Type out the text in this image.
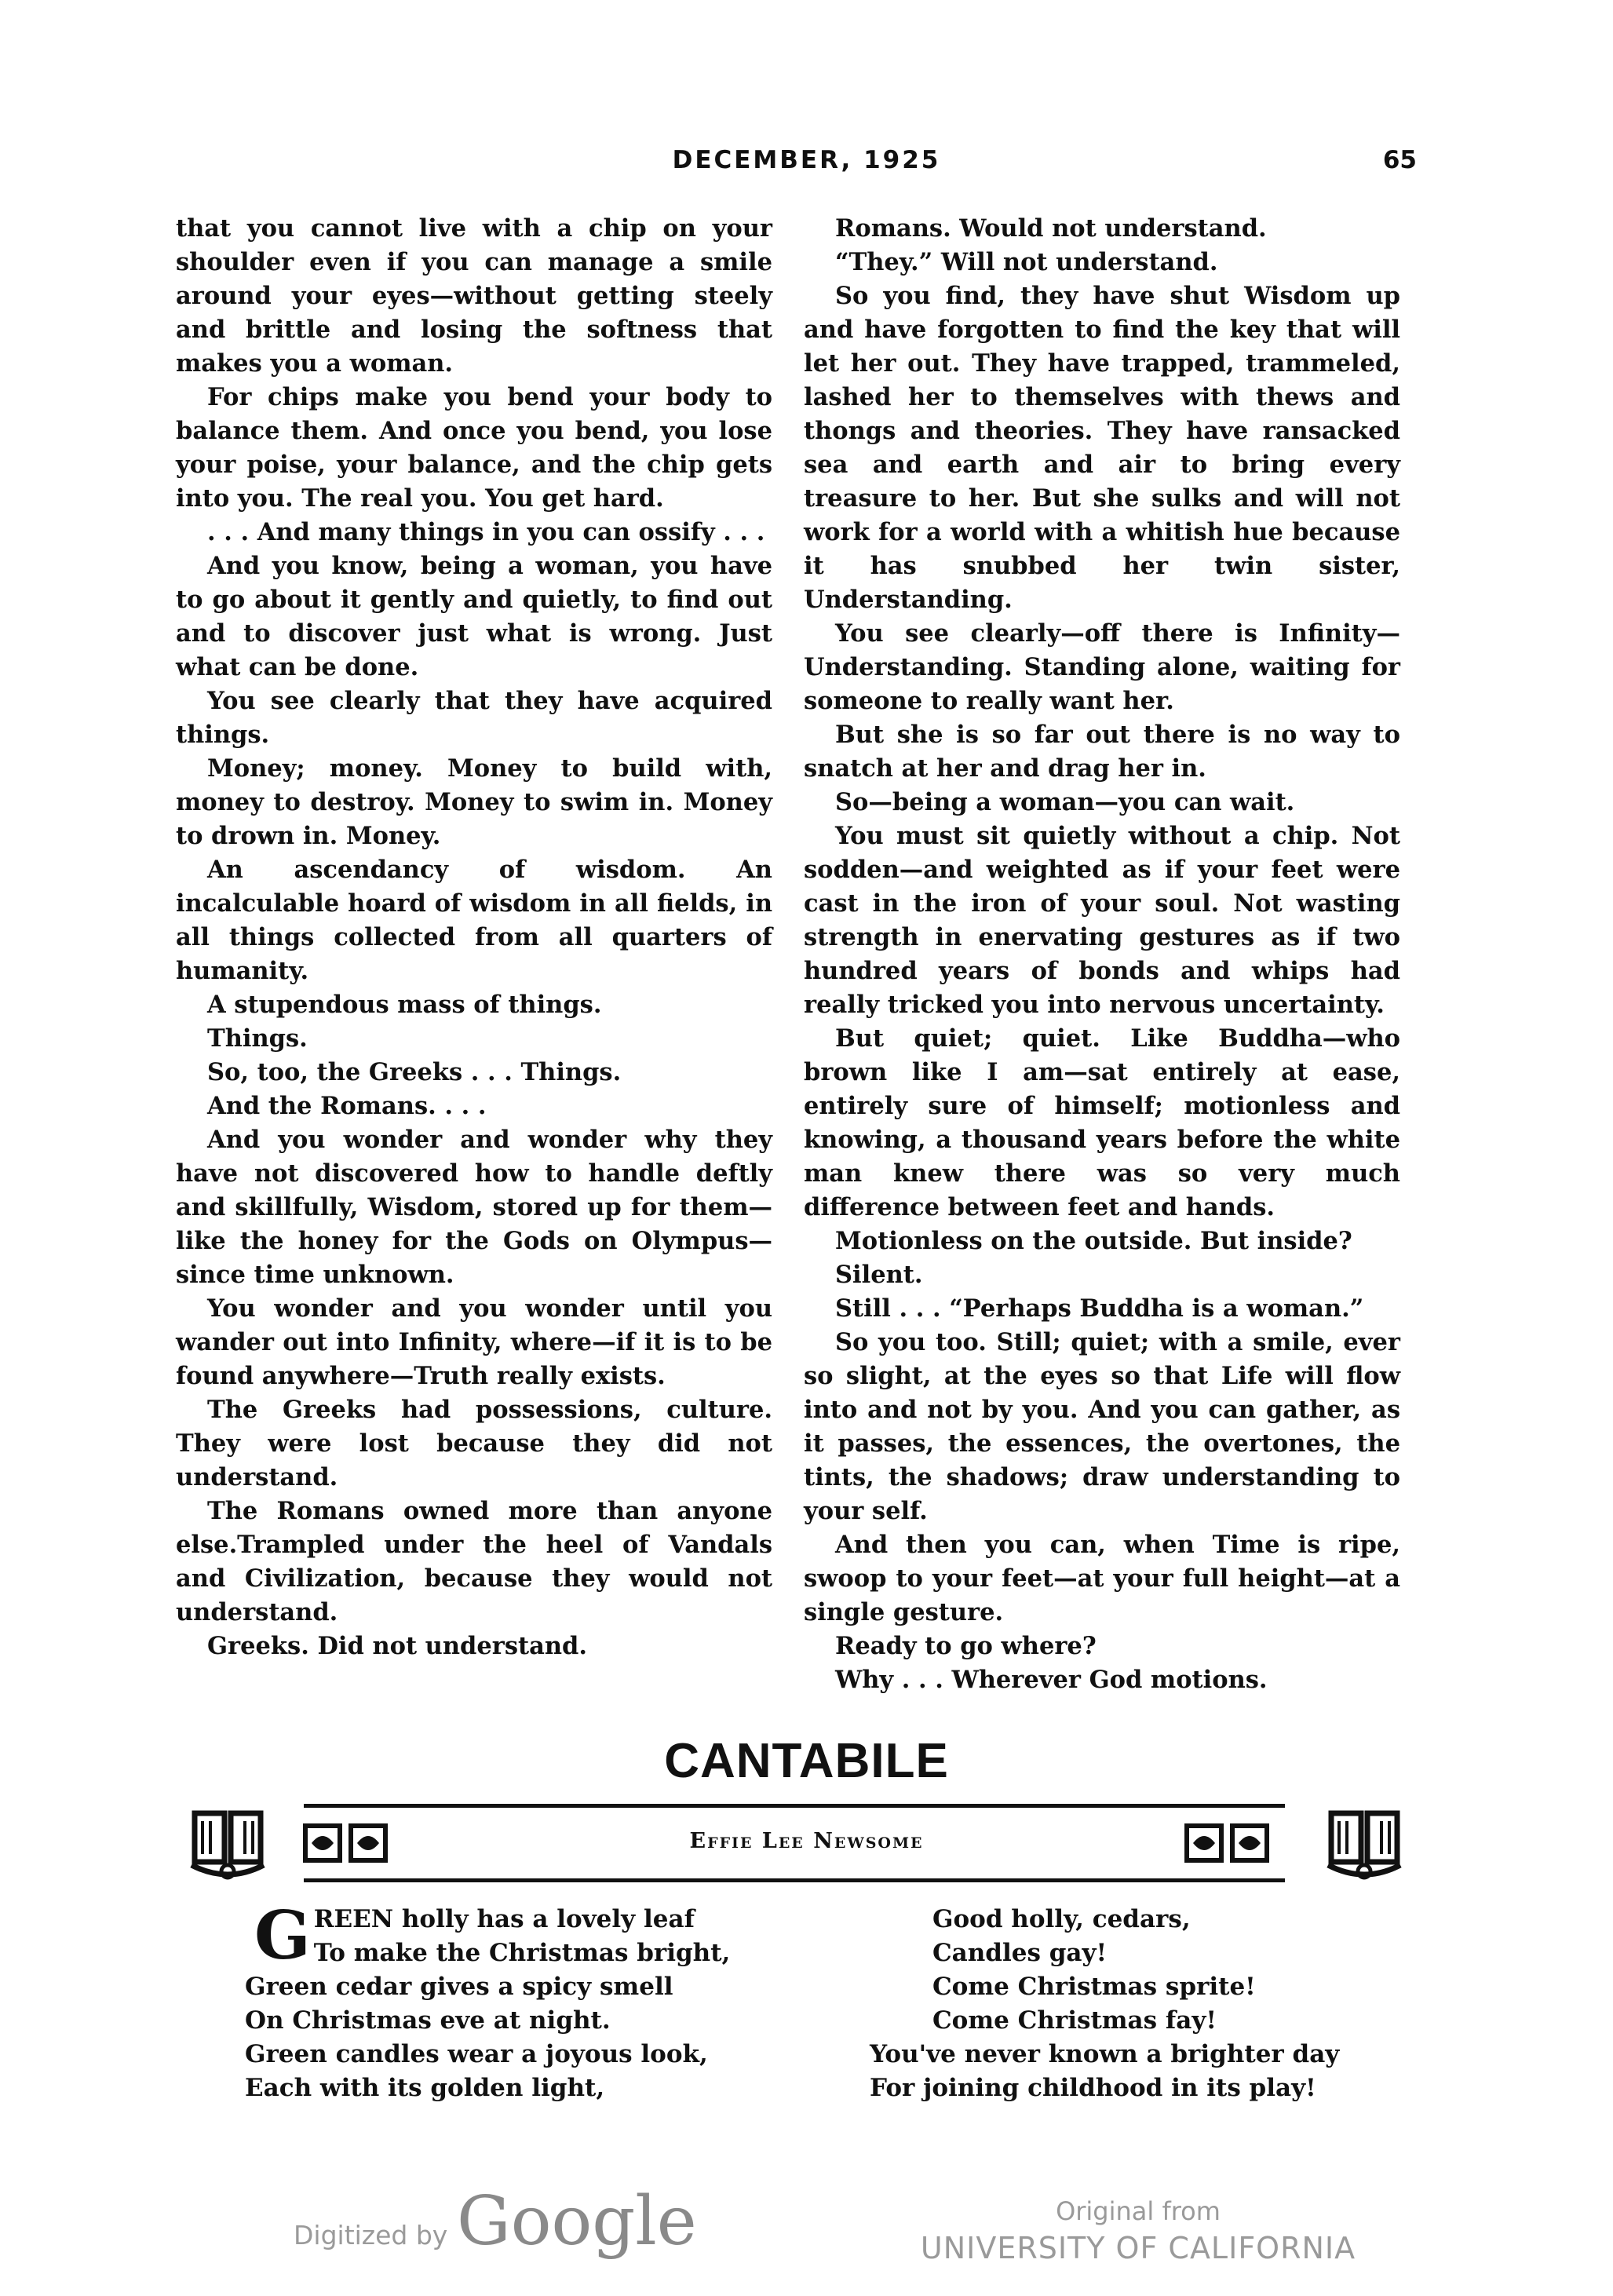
DECEMBER, 1925	65

that you cannot live with a chip on your shoulder even if you can manage a smile around your eyes—without getting steely and brittle and losing the softness that makes you a woman.

For chips make you bend your body to balance them. And once you bend, you lose your poise, your balance, and the chip gets into you. The real you. You get hard.

. . . And many things in you can ossify . . .

And you know, being a woman, you have to go about it gently and quietly, to find out and to discover just what is wrong. Just what can be done.

You see clearly that they have acquired things.

Money; money. Money to build with, money to destroy. Money to swim in. Money to drown in. Money.

An ascendancy of wisdom. An incalculable hoard of wisdom in all fields, in all things collected from all quarters of humanity.

A stupendous mass of things.

Things.

So, too, the Greeks . . . Things.

And the Romans. . . .

And you wonder and wonder why they have not discovered how to handle deftly and skillfully, Wisdom, stored up for them—like the honey for the Gods on Olympus—since time unknown.

You wonder and you wonder until you wander out into Infinity, where—if it is to be found anywhere—Truth really exists.

The Greeks had possessions, culture. They were lost because they did not understand.

The Romans owned more than anyone else.Trampled under the heel of Vandals and Civilization, because they would not understand.

Greeks. Did not understand.

Romans. Would not understand.

“They.” Will not understand.

So you find, they have shut Wisdom up and have forgotten to find the key that will let her out. They have trapped, trammeled, lashed her to themselves with thews and thongs and theories. They have ransacked sea and earth and air to bring every treasure to her. But she sulks and will not work for a world with a whitish hue because it has snubbed her twin sister, Understanding.

You see clearly—off there is Infinity—Understanding. Standing alone, waiting for someone to really want her.

But she is so far out there is no way to snatch at her and drag her in.

So—being a woman—you can wait.

You must sit quietly without a chip. Not sodden—and weighted as if your feet were cast in the iron of your soul. Not wasting strength in enervating gestures as if two hundred years of bonds and whips had really tricked you into nervous uncertainty.

But quiet; quiet. Like Buddha—who brown like I am—sat entirely at ease, entirely sure of himself; motionless and knowing, a thousand years before the white man knew there was so very much difference between feet and hands.

Motionless on the outside. But inside?

Silent.

Still . . . “Perhaps Buddha is a woman.”

So you too. Still; quiet; with a smile, ever so slight, at the eyes so that Life will flow into and not by you. And you can gather, as it passes, the essences, the overtones, the tints, the shadows; draw understanding to your self.

And then you can, when Time is ripe, swoop to your feet—at your full height—at a single gesture.

Ready to go where?

Why . . . Wherever God motions.

CANTABILE
Effie Lee Newsome
GREEN holly has a lovely leaf
To make the Christmas bright,
Green cedar gives a spicy smell
On Christmas eve at night.
Green candles wear a joyous look,
Each with its golden light,
Good holly, cedars,
Candles gay!
Come Christmas sprite!
Come Christmas fay!
You've never known a brighter day
For joining childhood in its play!
Digitized by Google	Original from
UNIVERSITY OF CALIFORNIA
